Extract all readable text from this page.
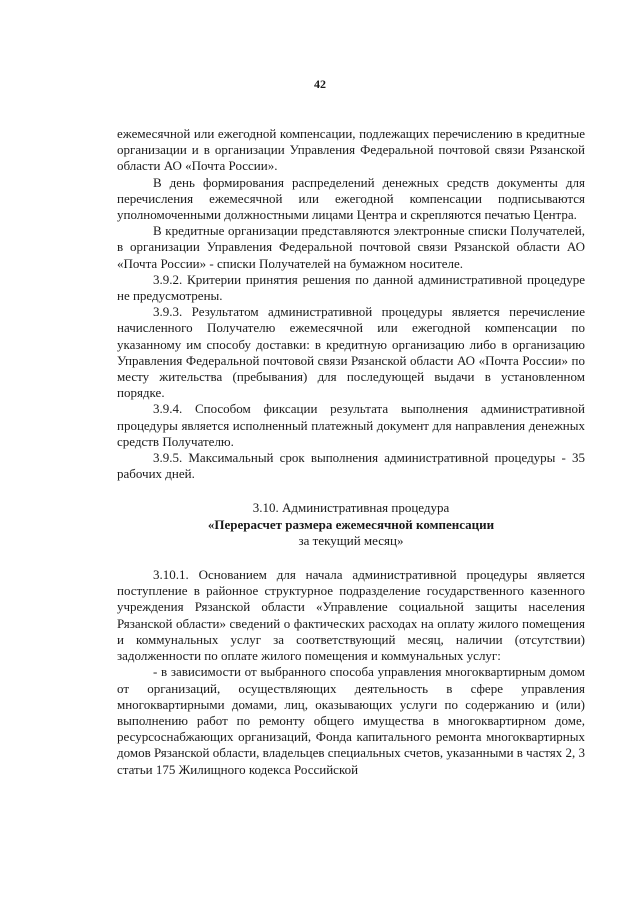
42

ежемесячной или ежегодной компенсации, подлежащих перечислению в кредитные организации и в организации Управления Федеральной почтовой связи Рязанской области АО «Почта России».

В день формирования распределений денежных средств документы для перечисления ежемесячной или ежегодной компенсации подписываются уполномоченными должностными лицами Центра и скрепляются печатью Центра.

В кредитные организации представляются электронные списки Получателей, в организации Управления Федеральной почтовой связи Рязанской области АО «Почта России» - списки Получателей на бумажном носителе.

3.9.2. Критерии принятия решения по данной административной процедуре не предусмотрены.

3.9.3. Результатом административной процедуры является перечисление начисленного Получателю ежемесячной или ежегодной компенсации по указанному им способу доставки: в кредитную организацию либо в организацию Управления Федеральной почтовой связи Рязанской области АО «Почта России» по месту жительства (пребывания) для последующей выдачи в установленном порядке.

3.9.4. Способом фиксации результата выполнения административной процедуры является исполненный платежный документ для направления денежных средств Получателю.

3.9.5. Максимальный срок выполнения административной процедуры - 35 рабочих дней.

3.10. Административная процедура
«Перерасчет размера ежемесячной компенсации
за текущий месяц»

3.10.1. Основанием для начала административной процедуры является поступление в районное структурное подразделение государственного казенного учреждения Рязанской области «Управление социальной защиты населения Рязанской области» сведений о фактических расходах на оплату жилого помещения и коммунальных услуг за соответствующий месяц, наличии (отсутствии) задолженности по оплате жилого помещения и коммунальных услуг:

- в зависимости от выбранного способа управления многоквартирным домом от организаций, осуществляющих деятельность в сфере управления многоквартирными домами, лиц, оказывающих услуги по содержанию и (или) выполнению работ по ремонту общего имущества в многоквартирном доме, ресурсоснабжающих организаций, Фонда капитального ремонта многоквартирных домов Рязанской области, владельцев специальных счетов, указанными в частях 2, 3 статьи 175 Жилищного кодекса Российской
